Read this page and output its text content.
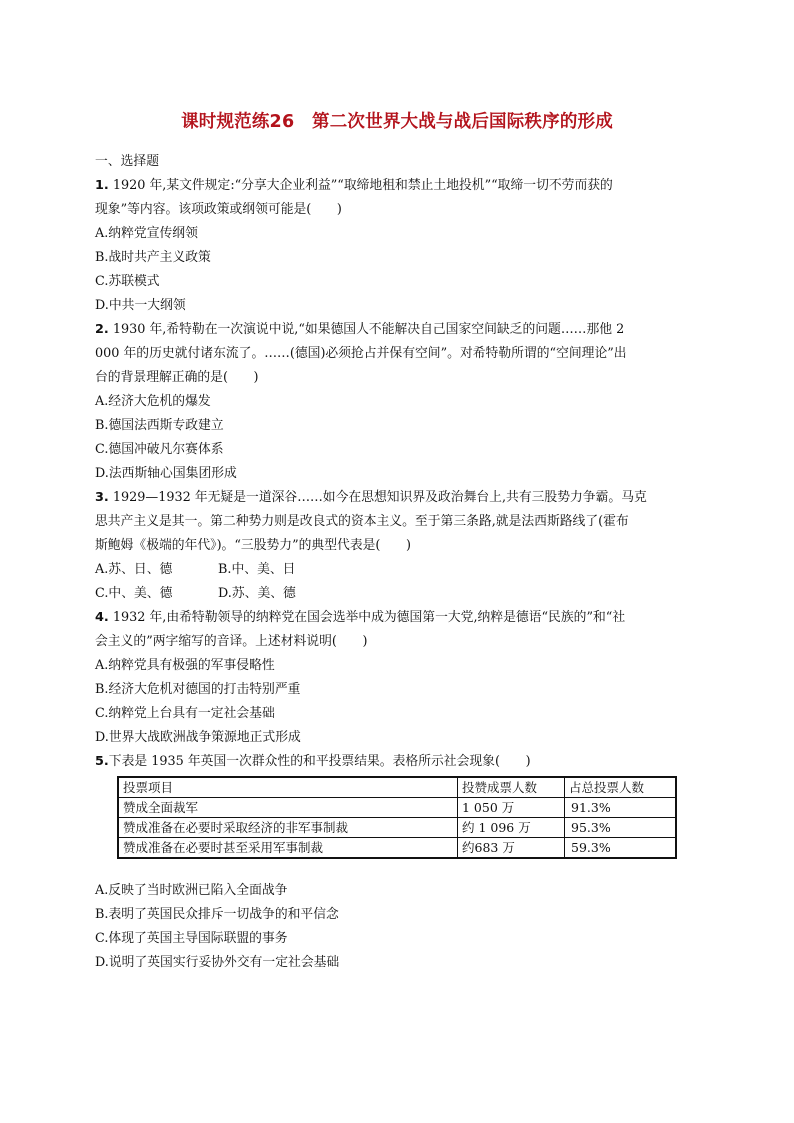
课时规范练26　第二次世界大战与战后国际秩序的形成
一、选择题
1. 1920 年,某文件规定:“分享大企业利益”“取缔地租和禁止土地投机”“取缔一切不劳而获的
现象”等内容。该项政策或纲领可能是(　　)
A.纳粹党宣传纲领
B.战时共产主义政策
C.苏联模式
D.中共一大纲领
2. 1930 年,希特勒在一次演说中说,“如果德国人不能解决自己国家空间缺乏的问题……那他 2
000 年的历史就付诸东流了。……(德国)必须抢占并保有空间”。对希特勒所谓的“空间理论”出
台的背景理解正确的是(　　)
A.经济大危机的爆发
B.德国法西斯专政建立
C.德国冲破凡尔赛体系
D.法西斯轴心国集团形成
3. 1929—1932 年无疑是一道深谷……如今在思想知识界及政治舞台上,共有三股势力争霸。马克
思共产主义是其一。第二种势力则是改良式的资本主义。至于第三条路,就是法西斯路线了(霍布
斯鲍姆《极端的年代》)。“三股势力”的典型代表是(　　)
A.苏、日、德	B.中、美、日
C.中、美、德	D.苏、美、德
4. 1932 年,由希特勒领导的纳粹党在国会选举中成为德国第一大党,纳粹是德语“民族的”和“社
会主义的”两字缩写的音译。上述材料说明(　　)
A.纳粹党具有极强的军事侵略性
B.经济大危机对德国的打击特别严重
C.纳粹党上台具有一定社会基础
D.世界大战欧洲战争策源地正式形成
5.下表是 1935 年英国一次群众性的和平投票结果。表格所示社会现象(　　)
投票项目	投赞成票人数	占总投票人数
赞成全面裁军	1 050 万	91.3%
赞成准备在必要时采取经济的非军事制裁	约 1 096 万	95.3%
赞成准备在必要时甚至采用军事制裁	约683 万	59.3%
A.反映了当时欧洲已陷入全面战争
B.表明了英国民众排斥一切战争的和平信念
C.体现了英国主导国际联盟的事务
D.说明了英国实行妥协外交有一定社会基础
